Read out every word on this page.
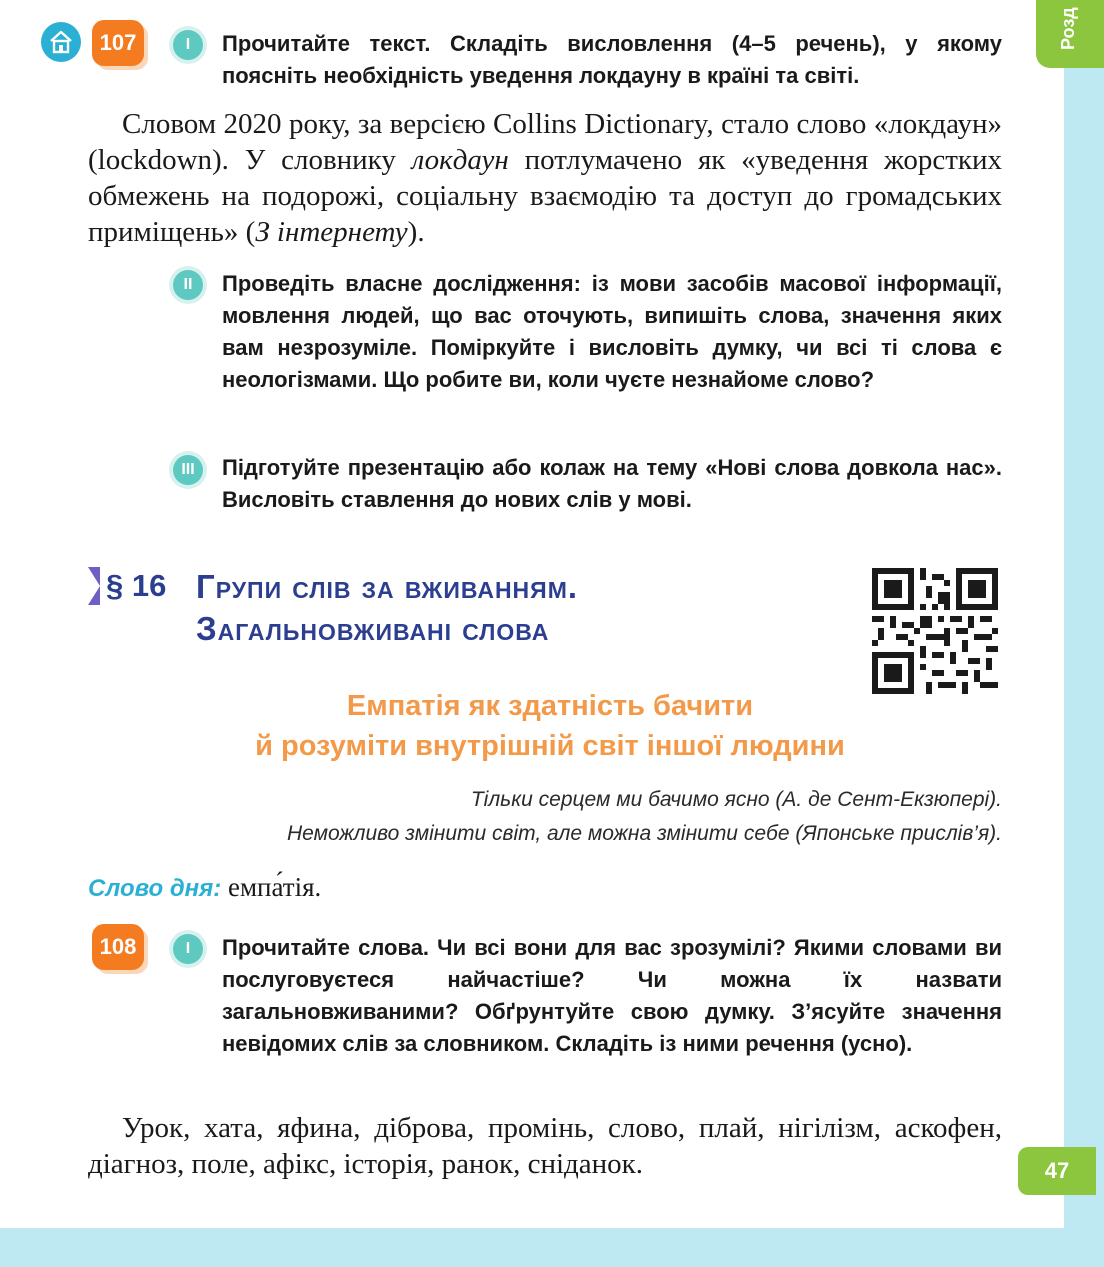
Розд
107	I	Прочитайте текст. Складіть висловлення (4–5 речень), у якому поясніть необхідність уведення локдауну в країні та світі.
Словом 2020 року, за версією Collins Dictionary, стало слово «локдаун» (lockdown). У словнику локдаун потлумачено як «уведення жорстких обмежень на подорожі, соціальну взаємодію та доступ до громадських приміщень» (З інтернету).
II	Проведіть власне дослідження: із мови засобів масової інформації, мовлення людей, що вас оточують, випишіть слова, значення яких вам незрозуміле. Поміркуйте і висловіть думку, чи всі ті слова є неологізмами. Що робите ви, коли чуєте незнайоме слово?
III	Підготуйте презентацію або колаж на тему «Нові слова довкола нас». Висловіть ставлення до нових слів у мові.
§ 16 Групи слів за вживанням.
Загальновживані слова
Емпатія як здатність бачити
й розуміти внутрішній світ іншої людини
Тільки серцем ми бачимо ясно (А. де Сент-Екзюпері).
Неможливо змінити світ, але можна змінити себе (Японське прислів’я).
Слово дня: емпа́тія.
108	I	Прочитайте слова. Чи всі вони для вас зрозумілі? Якими словами ви послуговуєтеся найчастіше? Чи можна їх назвати загальновживаними? Обґрунтуйте свою думку. З’ясуйте значення невідомих слів за словником. Складіть із ними речення (усно).
Урок, хата, яфина, діброва, промінь, слово, плай, нігілізм, аскофен, діагноз, поле, афікс, історія, ранок, сніданок.	47
